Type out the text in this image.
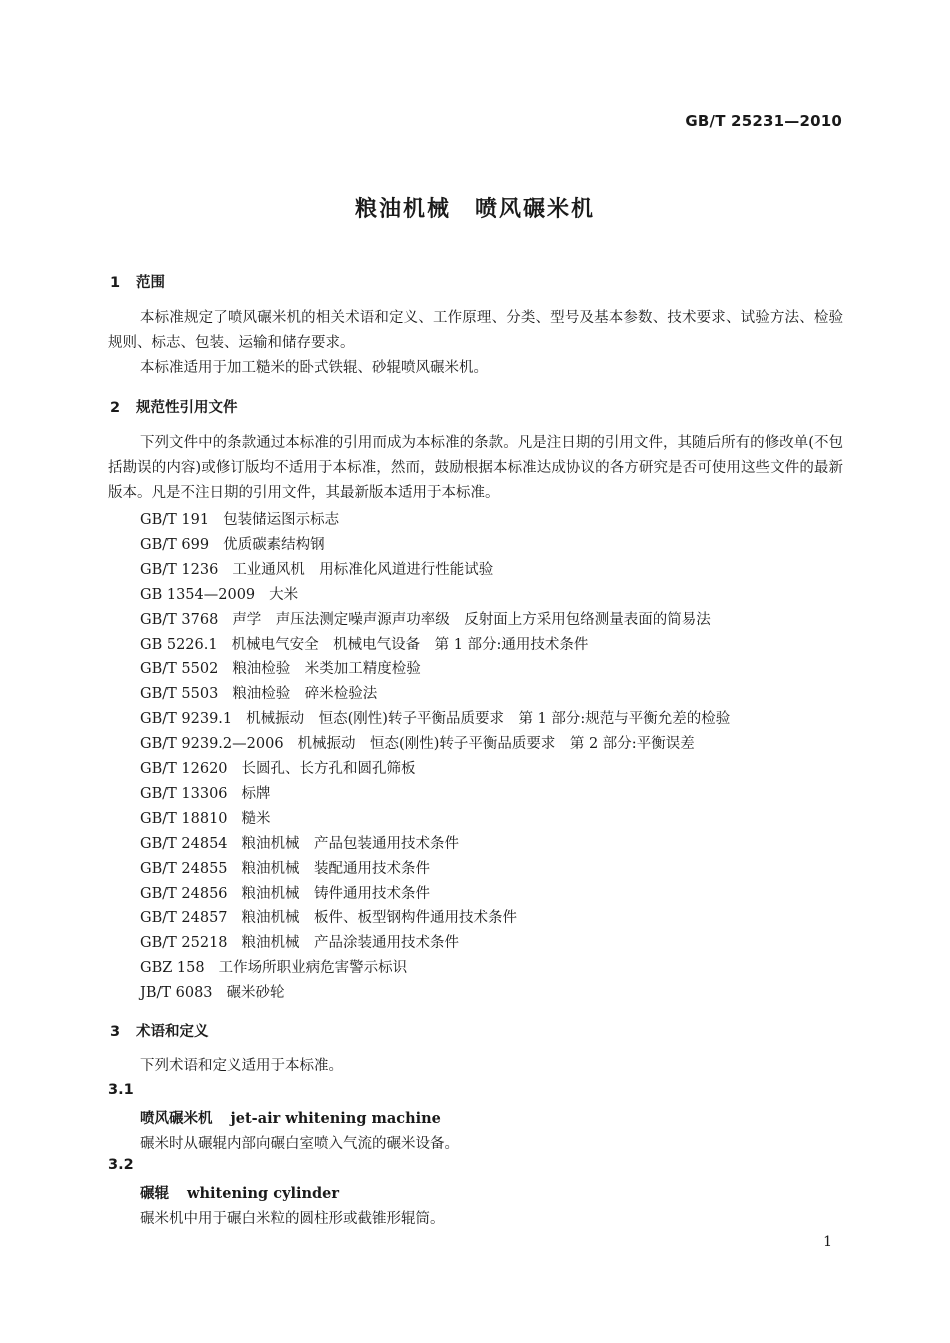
GB/T 25231—2010
粮油机械　喷风碾米机
1 范围
本标准规定了喷风碾米机的相关术语和定义、工作原理、分类、型号及基本参数、技术要求、试验方法、检验规则、标志、包装、运输和储存要求。
本标准适用于加工糙米的卧式铁辊、砂辊喷风碾米机。
2 规范性引用文件
下列文件中的条款通过本标准的引用而成为本标准的条款。凡是注日期的引用文件，其随后所有的修改单(不包括勘误的内容)或修订版均不适用于本标准，然而，鼓励根据本标准达成协议的各方研究是否可使用这些文件的最新版本。凡是不注日期的引用文件，其最新版本适用于本标准。
GB/T 191 包装储运图示标志
GB/T 699 优质碳素结构钢
GB/T 1236 工业通风机　用标准化风道进行性能试验
GB 1354—2009 大米
GB/T 3768 声学　声压法测定噪声源声功率级　反射面上方采用包络测量表面的简易法
GB 5226.1 机械电气安全　机械电气设备　第 1 部分:通用技术条件
GB/T 5502 粮油检验　米类加工精度检验
GB/T 5503 粮油检验　碎米检验法
GB/T 9239.1 机械振动　恒态(刚性)转子平衡品质要求　第 1 部分:规范与平衡允差的检验
GB/T 9239.2—2006 机械振动　恒态(刚性)转子平衡品质要求　第 2 部分:平衡误差
GB/T 12620 长圆孔、长方孔和圆孔筛板
GB/T 13306 标牌
GB/T 18810 糙米
GB/T 24854 粮油机械　产品包装通用技术条件
GB/T 24855 粮油机械　装配通用技术条件
GB/T 24856 粮油机械　铸件通用技术条件
GB/T 24857 粮油机械　板件、板型钢构件通用技术条件
GB/T 25218 粮油机械　产品涂装通用技术条件
GBZ 158 工作场所职业病危害警示标识
JB/T 6083 碾米砂轮
3 术语和定义
下列术语和定义适用于本标准。
3.1
喷风碾米机 jet-air whitening machine
碾米时从碾辊内部向碾白室喷入气流的碾米设备。
3.2
碾辊 whitening cylinder
碾米机中用于碾白米粒的圆柱形或截锥形辊筒。
1
